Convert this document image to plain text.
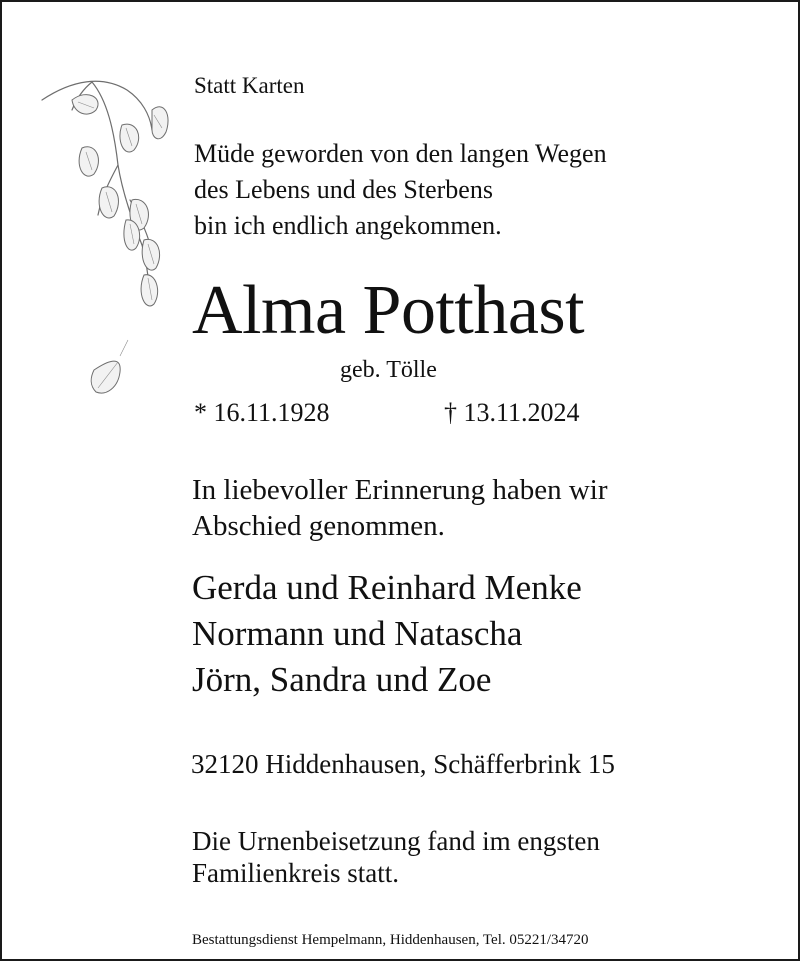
Statt Karten

Müde geworden von den langen Wegen
des Lebens und des Sterbens
bin ich endlich angekommen.

Alma Potthast

geb. Tölle

* 16.11.1928	† 13.11.2024

In liebevoller Erinnerung haben wir
Abschied genommen.
Gerda und Reinhard Menke
Normann und Natascha
Jörn, Sandra und Zoe

32120 Hiddenhausen, Schäfferbrink 15

Die Urnenbeisetzung fand im engsten
Familienkreis statt.

Bestattungsdienst Hempelmann, Hiddenhausen, Tel. 05221/34720
